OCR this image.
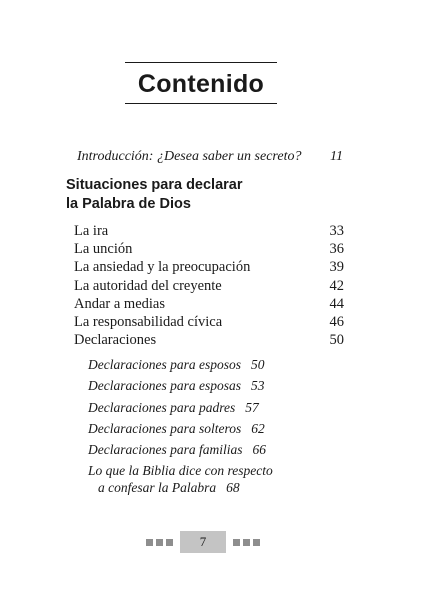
Contenido
Introducción: ¿Desea saber un secreto? 11
Situaciones para declarar
la Palabra de Dios
La ira	33
La unción	36
La ansiedad y la preocupación	39
La autoridad del creyente	42
Andar a medias	44
La responsabilidad cívica	46
Declaraciones	50
Declaraciones para esposos 50
Declaraciones para esposas 53
Declaraciones para padres 57
Declaraciones para solteros 62
Declaraciones para familias 66
Lo que la Biblia dice con respecto
a confesar la Palabra 68
7
